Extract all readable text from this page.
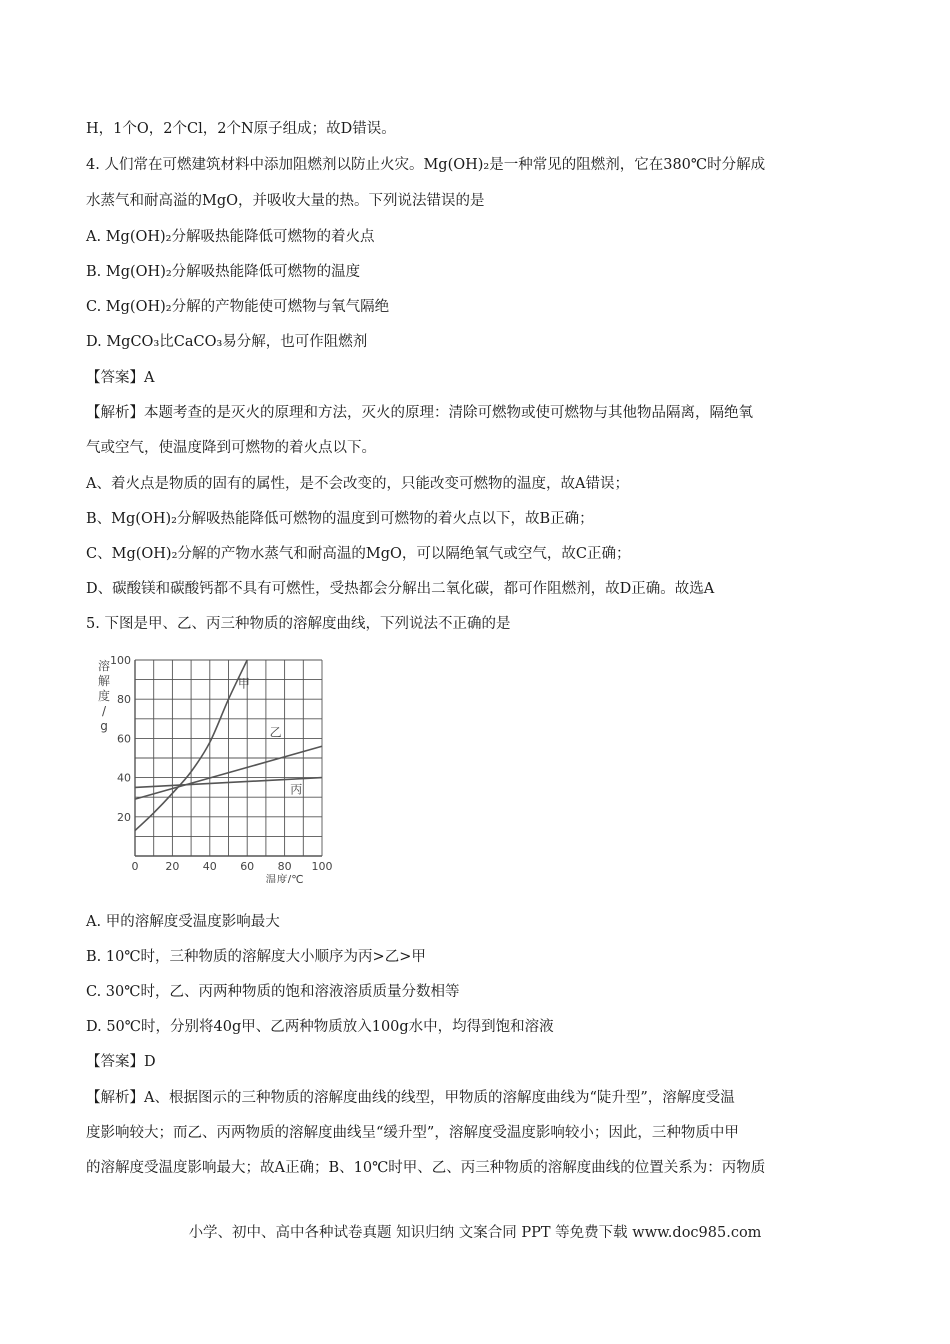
H，1个O，2个Cl，2个N原子组成；故D错误。
4. 人们常在可燃建筑材料中添加阻燃剂以防止火灾。Mg(OH)₂是一种常见的阻燃剂，它在380℃时分解成
水蒸气和耐高溢的MgO，并吸收大量的热。下列说法错误的是
A. Mg(OH)₂分解吸热能降低可燃物的着火点
B. Mg(OH)₂分解吸热能降低可燃物的温度
C. Mg(OH)₂分解的产物能使可燃物与氧气隔绝
D. MgCO₃比CaCO₃易分解，也可作阻燃剂
【答案】A
【解析】本题考查的是灭火的原理和方法，灭火的原理：清除可燃物或使可燃物与其他物品隔离，隔绝氧
气或空气，使温度降到可燃物的着火点以下。
A、着火点是物质的固有的属性，是不会改变的，只能改变可燃物的温度，故A错误；
B、Mg(OH)₂分解吸热能降低可燃物的温度到可燃物的着火点以下，故B正确；
C、Mg(OH)₂分解的产物水蒸气和耐高温的MgO，可以隔绝氧气或空气，故C正确；
D、碳酸镁和碳酸钙都不具有可燃性，受热都会分解出二氧化碳，都可作阻燃剂，故D正确。故选A
5. 下图是甲、乙、丙三种物质的溶解度曲线，下列说法不正确的是
0 20 40 60 80 100
20
40
60
80
100
溶解度/ g
温度/℃
甲
乙
丙
A. 甲的溶解度受温度影响最大
B. 10℃时，三种物质的溶解度大小顺序为丙>乙>甲
C. 30℃时，乙、丙两种物质的饱和溶液溶质质量分数相等
D. 50℃时，分别将40g甲、乙两种物质放入100g水中，均得到饱和溶液
【答案】D
【解析】A、根据图示的三种物质的溶解度曲线的线型，甲物质的溶解度曲线为“陡升型”，溶解度受温
度影响较大；而乙、丙两物质的溶解度曲线呈“缓升型”，溶解度受温度影响较小；因此，三种物质中甲
的溶解度受温度影响最大；故A正确；B、10℃时甲、乙、丙三种物质的溶解度曲线的位置关系为：丙物质
小学、初中、高中各种试卷真题 知识归纳 文案合同 PPT 等免费下载 www.doc985.com
